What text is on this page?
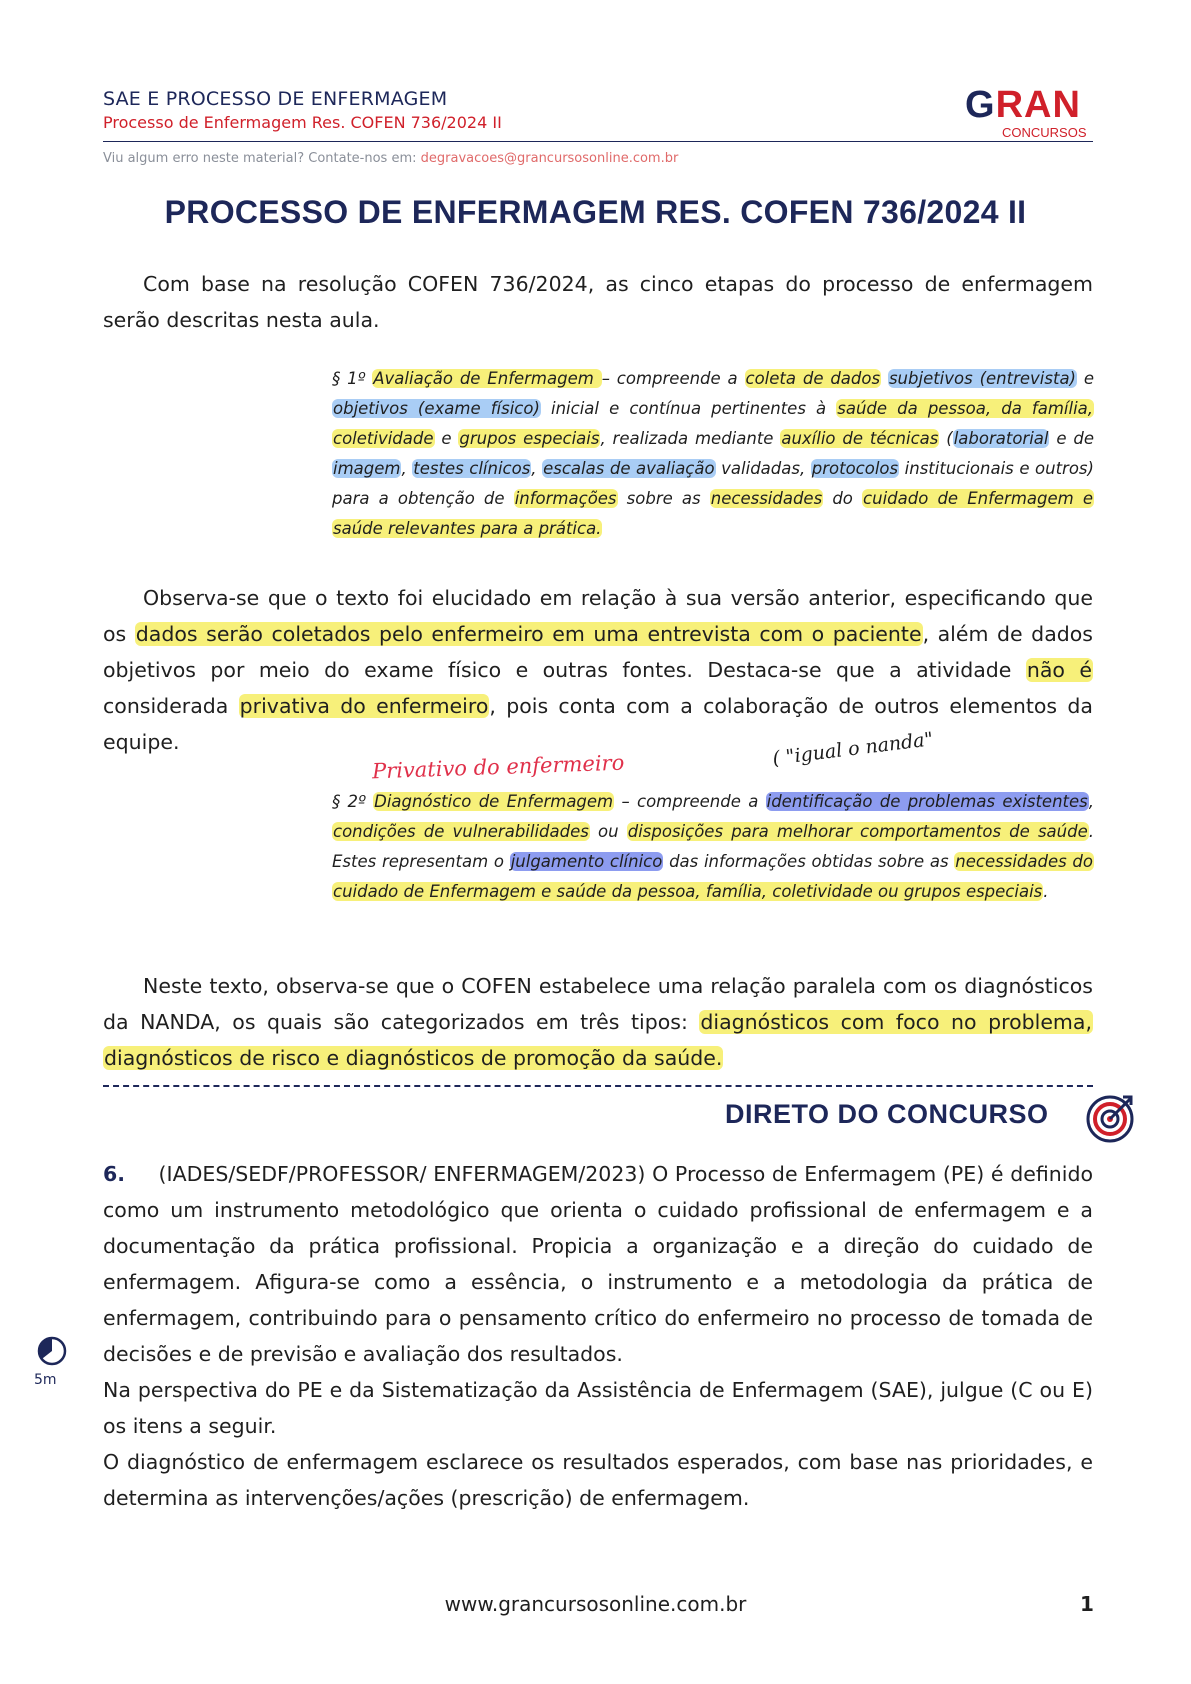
SAE E PROCESSO DE ENFERMAGEM
Processo de Enfermagem Res. COFEN 736/2024 II	GRAN
CONCURSOS
Viu algum erro neste material? Contate-nos em: degravacoes@grancursosonline.com.br
PROCESSO DE ENFERMAGEM RES. COFEN 736/2024 II
Com base na resolução COFEN 736/2024, as cinco etapas do processo de enfermagem serão descritas nesta aula.
§ 1º Avaliação de Enfermagem – compreende a coleta de dados subjetivos (entrevista) e objetivos (exame físico) inicial e contínua pertinentes à saúde da pessoa, da família, coletividade e grupos especiais, realizada mediante auxílio de técnicas (laboratorial e de imagem, testes clínicos, escalas de avaliação validadas, protocolos institucionais e outros) para a obtenção de informações sobre as necessidades do cuidado de Enfermagem e saúde relevantes para a prática.
Observa-se que o texto foi elucidado em relação à sua versão anterior, especificando que os dados serão coletados pelo enfermeiro em uma entrevista com o paciente, além de dados objetivos por meio do exame físico e outras fontes. Destaca-se que a atividade não é considerada privativa do enfermeiro, pois conta com a colaboração de outros elementos da equipe.
Privativo do enfermeiro	( "igual o nanda"
§ 2º Diagnóstico de Enfermagem – compreende a identificação de problemas existentes, condições de vulnerabilidades ou disposições para melhorar comportamentos de saúde. Estes representam o julgamento clínico das informações obtidas sobre as necessidades do cuidado de Enfermagem e saúde da pessoa, família, coletividade ou grupos especiais.
Neste texto, observa-se que o COFEN estabelece uma relação paralela com os diagnósticos da NANDA, os quais são categorizados em três tipos: diagnósticos com foco no problema, diagnósticos de risco e diagnósticos de promoção da saúde.
DIRETO DO CONCURSO
6. (IADES/SEDF/PROFESSOR/ ENFERMAGEM/2023) O Processo de Enfermagem (PE) é definido como um instrumento metodológico que orienta o cuidado profissional de enfermagem e a documentação da prática profissional. Propicia a organização e a direção do cuidado de enfermagem. Afigura-se como a essência, o instrumento e a metodologia da prática de enfermagem, contribuindo para o pensamento crítico do enfermeiro no processo de tomada de decisões e de previsão e avaliação dos resultados.
Na perspectiva do PE e da Sistematização da Assistência de Enfermagem (SAE), julgue (C ou E) os itens a seguir.
O diagnóstico de enfermagem esclarece os resultados esperados, com base nas prioridades, e determina as intervenções/ações (prescrição) de enfermagem.
5m
www.grancursosonline.com.br	1
